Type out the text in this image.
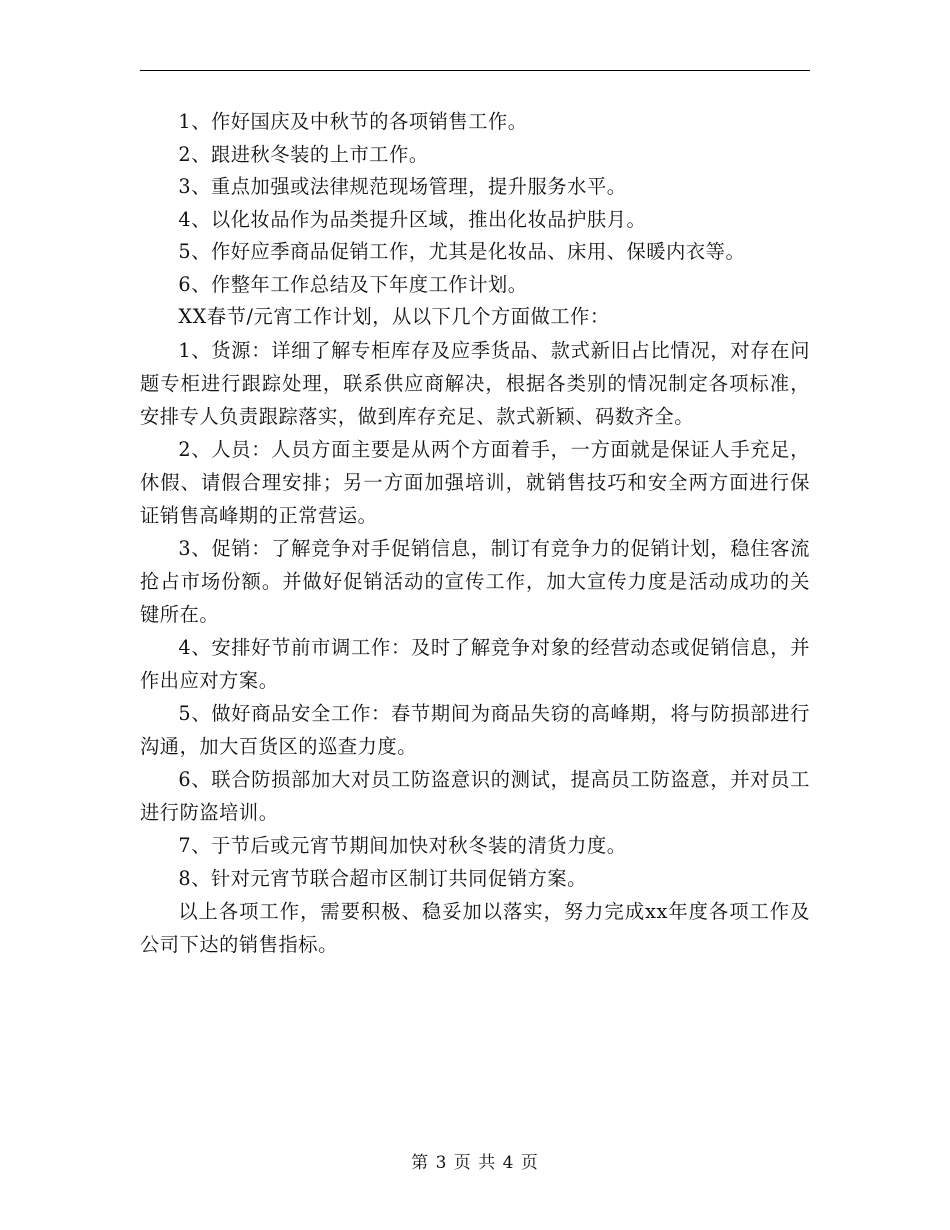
1、作好国庆及中秋节的各项销售工作。

2、跟进秋冬装的上市工作。

3、重点加强或法律规范现场管理，提升服务水平。

4、以化妆品作为品类提升区域，推出化妆品护肤月。

5、作好应季商品促销工作，尤其是化妆品、床用、保暖内衣等。

6、作整年工作总结及下年度工作计划。

XX春节/元宵工作计划，从以下几个方面做工作：

1、货源：详细了解专柜库存及应季货品、款式新旧占比情况，对存在问题专柜进行跟踪处理，联系供应商解决，根据各类别的情况制定各项标准，安排专人负责跟踪落实，做到库存充足、款式新颖、码数齐全。

2、人员：人员方面主要是从两个方面着手，一方面就是保证人手充足，休假、请假合理安排；另一方面加强培训，就销售技巧和安全两方面进行保证销售高峰期的正常营运。

3、促销：了解竞争对手促销信息，制订有竞争力的促销计划，稳住客流抢占市场份额。并做好促销活动的宣传工作，加大宣传力度是活动成功的关键所在。

4、安排好节前市调工作：及时了解竞争对象的经营动态或促销信息，并作出应对方案。

5、做好商品安全工作：春节期间为商品失窃的高峰期，将与防损部进行沟通，加大百货区的巡查力度。

6、联合防损部加大对员工防盗意识的测试，提高员工防盗意，并对员工进行防盗培训。

7、于节后或元宵节期间加快对秋冬装的清货力度。

8、针对元宵节联合超市区制订共同促销方案。

以上各项工作，需要积极、稳妥加以落实，努力完成xx年度各项工作及公司下达的销售指标。

第 3 页 共 4 页
